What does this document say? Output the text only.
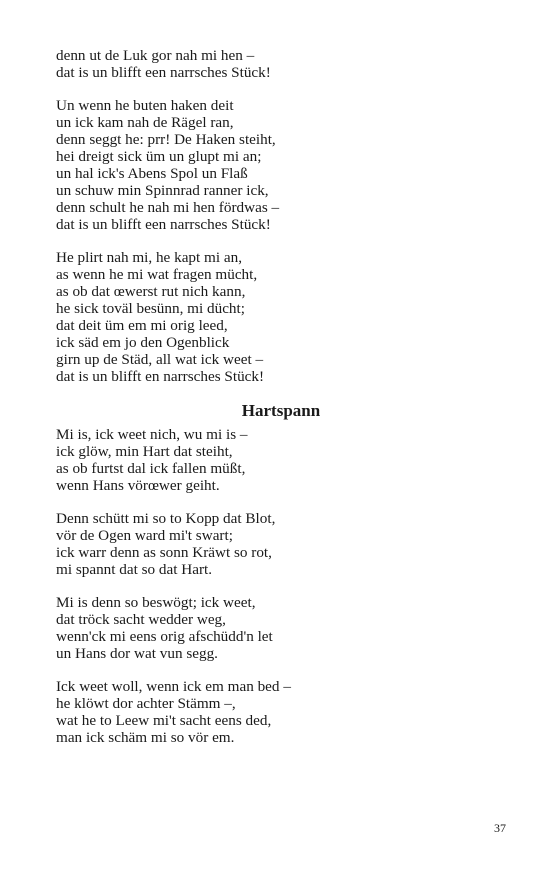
denn ut de Luk gor nah mi hen –
dat is un blifft een narrsches Stück!
Un wenn he buten haken deit
un ick kam nah de Rägel ran,
denn seggt he: prr! De Haken steiht,
hei dreigt sick üm un glupt mi an;
un hal ick's Abens Spol un Flaß
un schuw min Spinnrad ranner ick,
denn schult he nah mi hen fördwas –
dat is un blifft een narrsches Stück!
He plirt nah mi, he kapt mi an,
as wenn he mi wat fragen mücht,
as ob dat œwerst rut nich kann,
he sick toväl besünn, mi dücht;
dat deit üm em mi orig leed,
ick säd em jo den Ogenblick
girn up de Städ, all wat ick weet –
dat is un blifft en narrsches Stück!
Hartspann
Mi is, ick weet nich, wu mi is –
ick glöw, min Hart dat steiht,
as ob furtst dal ick fallen müßt,
wenn Hans vörœwer geiht.
Denn schütt mi so to Kopp dat Blot,
vör de Ogen ward mi't swart;
ick warr denn as sonn Kräwt so rot,
mi spannt dat so dat Hart.
Mi is denn so beswögt; ick weet,
dat tröck sacht wedder weg,
wenn'ck mi eens orig afschüdd'n let
un Hans dor wat vun segg.
Ick weet woll, wenn ick em man bed –
he klöwt dor achter Stämm –,
wat he to Leew mi't sacht eens ded,
man ick schäm mi so vör em.
37
